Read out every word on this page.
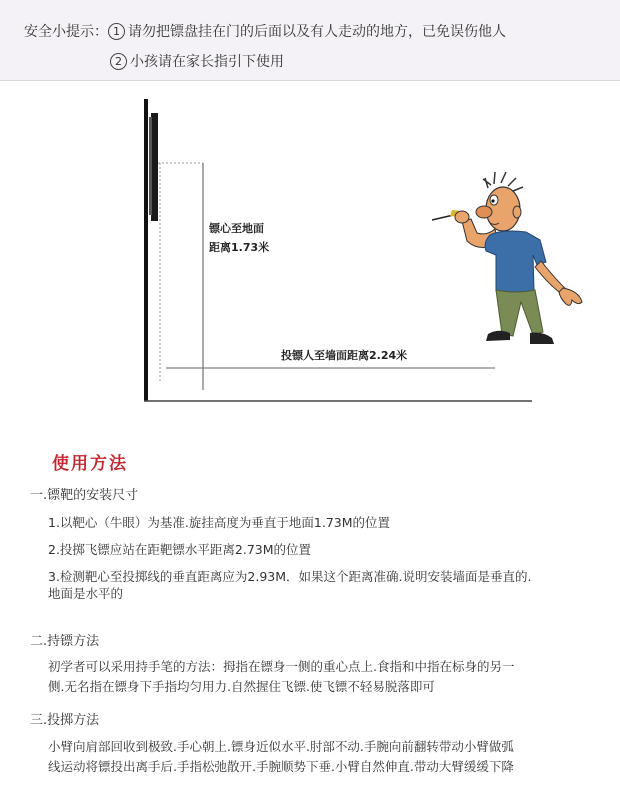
安全小提示： 1 请勿把镖盘挂在门的后面以及有人走动的地方，已免误伤他人
2 小孩请在家长指引下使用
镖心至地面
距离1.73米
投镖人至墙面距离2.24米
使用方法
一.镖靶的安装尺寸
1.以靶心（牛眼）为基准.旋挂高度为垂直于地面1.73M的位置
2.投掷飞镖应站在距靶镖水平距离2.73M的位置
3.检测靶心至投掷线的垂直距离应为2.93M．如果这个距离准确.说明安装墙面是垂直的.
地面是水平的
二.持镖方法
初学者可以采用持手笔的方法：拇指在镖身一侧的重心点上.食指和中指在标身的另一
侧.无名指在镖身下手指均匀用力.自然握住飞镖.使飞镖不轻易脱落即可
三.投掷方法
小臂向肩部回收到极致.手心朝上.镖身近似水平.肘部不动.手腕向前翻转带动小臂做弧
线运动将镖投出离手后.手指松弛散开.手腕顺势下垂.小臂自然伸直.带动大臂缓缓下降
